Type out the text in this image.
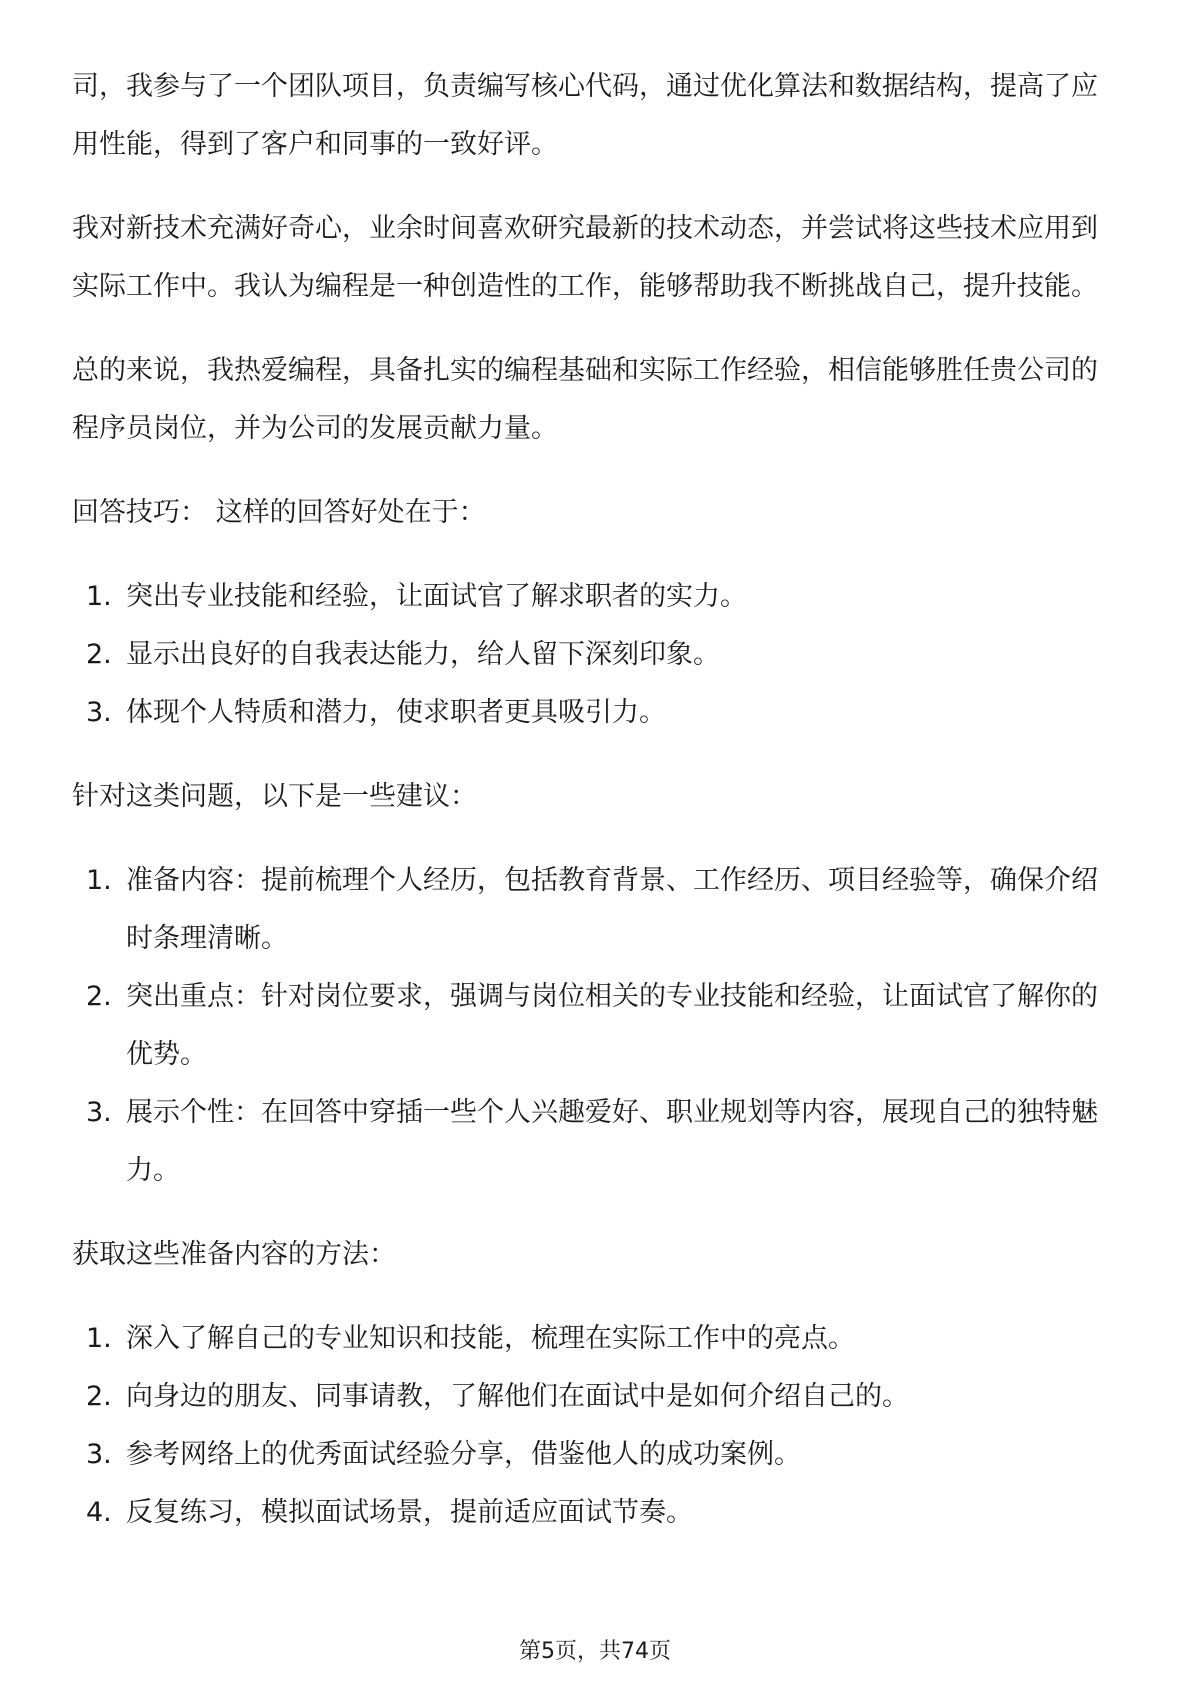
司，我参与了一个团队项目，负责编写核心代码，通过优化算法和数据结构，提高了应用性能，得到了客户和同事的一致好评。

我对新技术充满好奇心，业余时间喜欢研究最新的技术动态，并尝试将这些技术应用到实际工作中。我认为编程是一种创造性的工作，能够帮助我不断挑战自己，提升技能。

总的来说，我热爱编程，具备扎实的编程基础和实际工作经验，相信能够胜任贵公司的程序员岗位，并为公司的发展贡献力量。

回答技巧： 这样的回答好处在于：

1. 突出专业技能和经验，让面试官了解求职者的实力。
2. 显示出良好的自我表达能力，给人留下深刻印象。
3. 体现个人特质和潜力，使求职者更具吸引力。

针对这类问题，以下是一些建议：

1. 准备内容：提前梳理个人经历，包括教育背景、工作经历、项目经验等，确保介绍时条理清晰。
2. 突出重点：针对岗位要求，强调与岗位相关的专业技能和经验，让面试官了解你的优势。
3. 展示个性：在回答中穿插一些个人兴趣爱好、职业规划等内容，展现自己的独特魅力。

获取这些准备内容的方法：

1. 深入了解自己的专业知识和技能，梳理在实际工作中的亮点。
2. 向身边的朋友、同事请教，了解他们在面试中是如何介绍自己的。
3. 参考网络上的优秀面试经验分享，借鉴他人的成功案例。
4. 反复练习，模拟面试场景，提前适应面试节奏。
第5页，共74页
